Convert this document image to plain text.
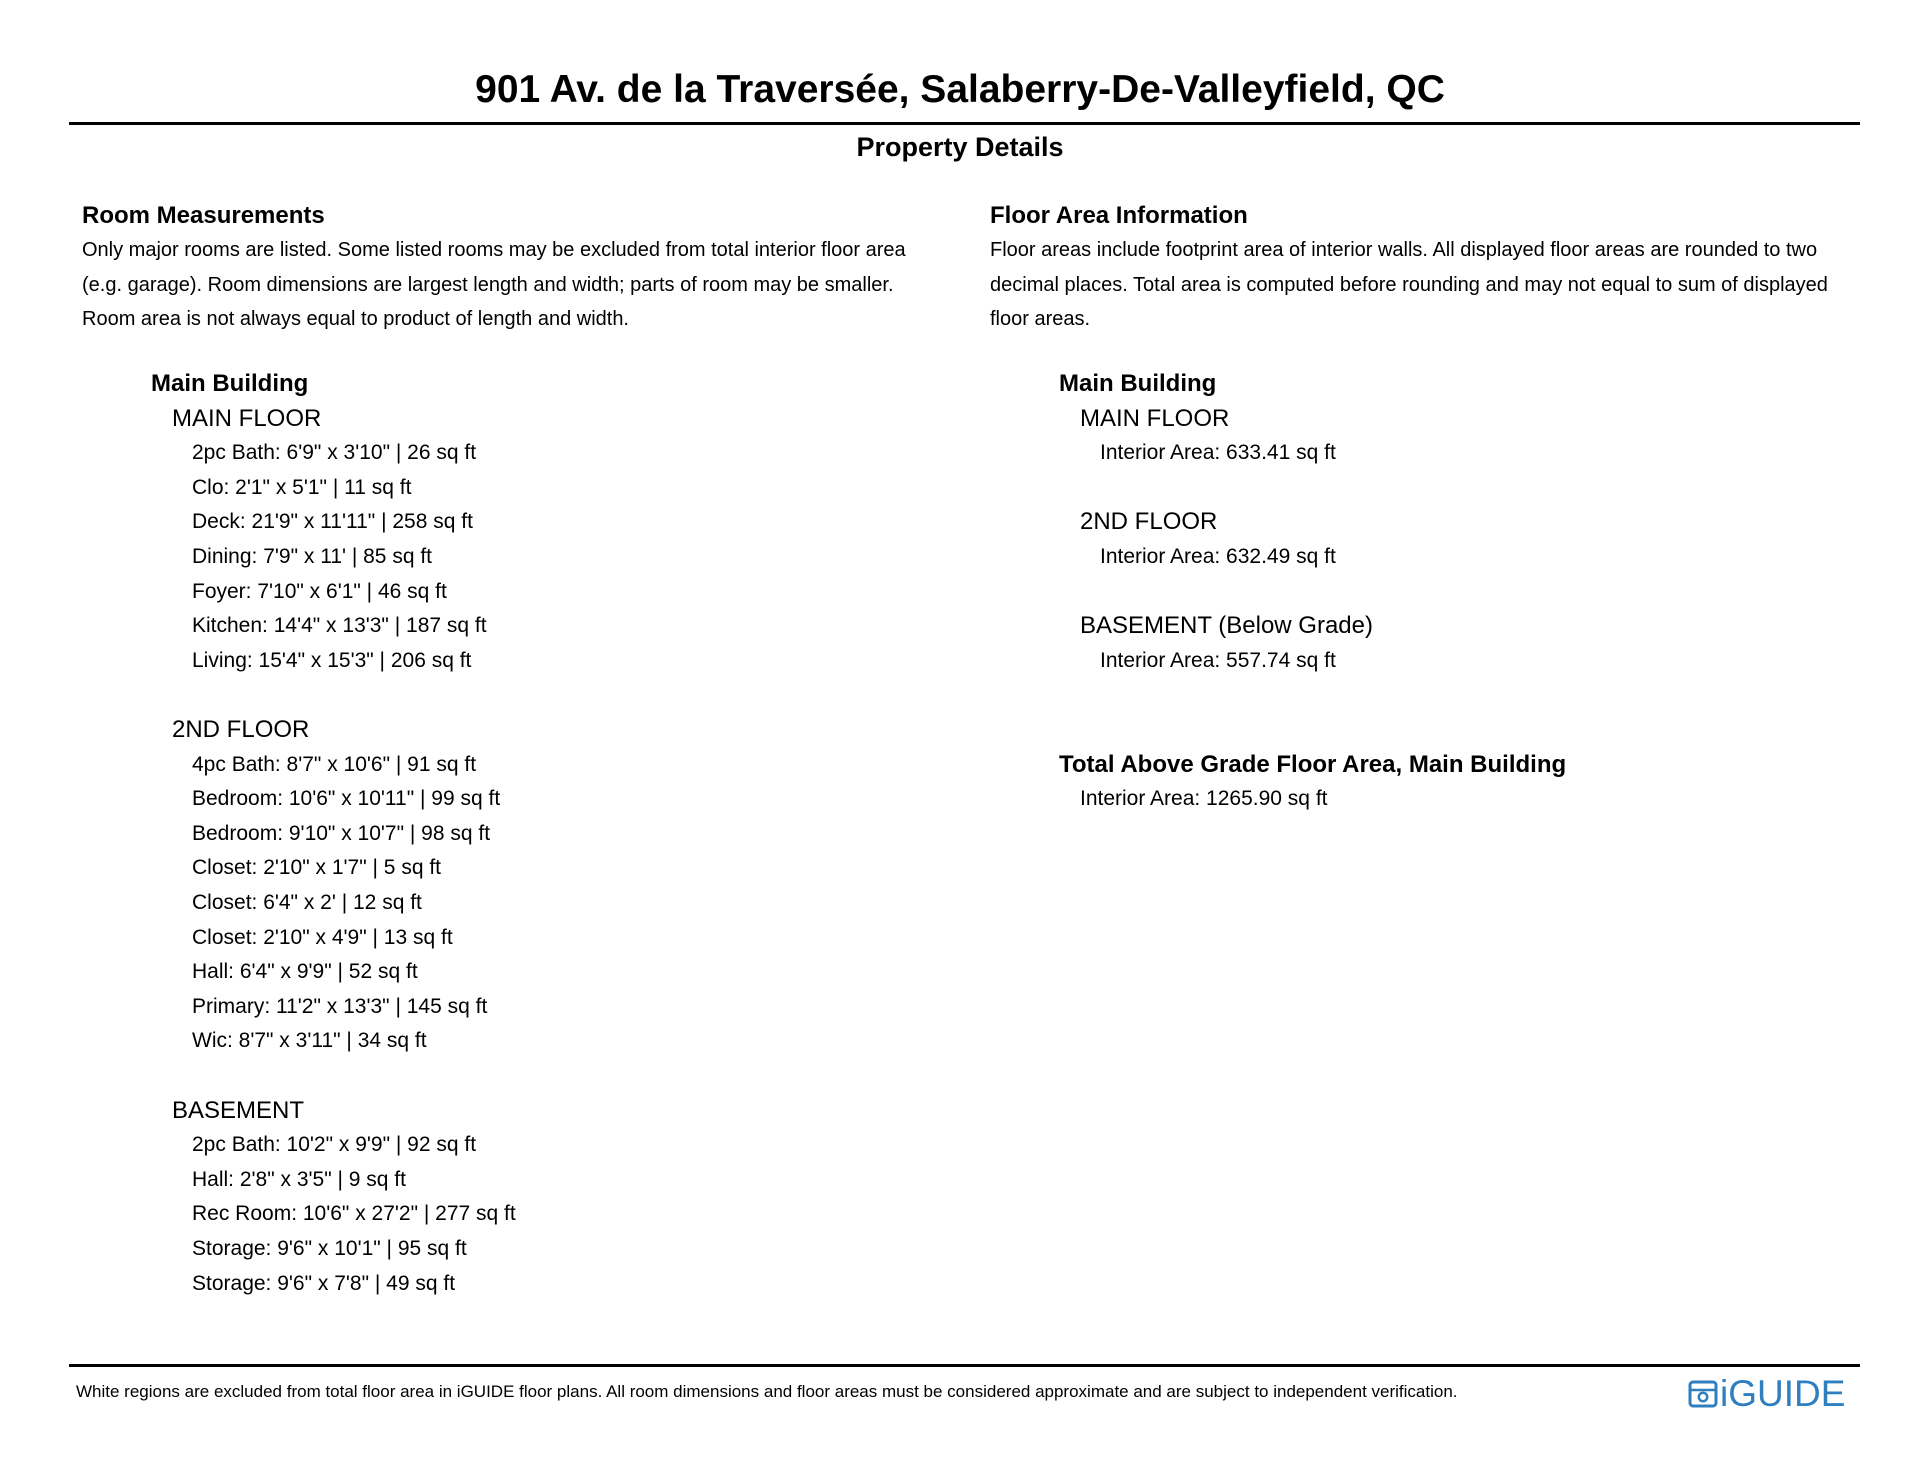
901 Av. de la Traversée, Salaberry-De-Valleyfield, QC
Property Details
Room Measurements
Only major rooms are listed. Some listed rooms may be excluded from total interior floor area
(e.g. garage). Room dimensions are largest length and width; parts of room may be smaller.
Room area is not always equal to product of length and width.
Main Building
MAIN FLOOR
2pc Bath: 6'9" x 3'10" | 26 sq ft
Clo: 2'1" x 5'1" | 11 sq ft
Deck: 21'9" x 11'11" | 258 sq ft
Dining: 7'9" x 11' | 85 sq ft
Foyer: 7'10" x 6'1" | 46 sq ft
Kitchen: 14'4" x 13'3" | 187 sq ft
Living: 15'4" x 15'3" | 206 sq ft
2ND FLOOR
4pc Bath: 8'7" x 10'6" | 91 sq ft
Bedroom: 10'6" x 10'11" | 99 sq ft
Bedroom: 9'10" x 10'7" | 98 sq ft
Closet: 2'10" x 1'7" | 5 sq ft
Closet: 6'4" x 2' | 12 sq ft
Closet: 2'10" x 4'9" | 13 sq ft
Hall: 6'4" x 9'9" | 52 sq ft
Primary: 11'2" x 13'3" | 145 sq ft
Wic: 8'7" x 3'11" | 34 sq ft
BASEMENT
2pc Bath: 10'2" x 9'9" | 92 sq ft
Hall: 2'8" x 3'5" | 9 sq ft
Rec Room: 10'6" x 27'2" | 277 sq ft
Storage: 9'6" x 10'1" | 95 sq ft
Storage: 9'6" x 7'8" | 49 sq ft
Floor Area Information
Floor areas include footprint area of interior walls. All displayed floor areas are rounded to two
decimal places. Total area is computed before rounding and may not equal to sum of displayed
floor areas.
Main Building
MAIN FLOOR
Interior Area: 633.41 sq ft
2ND FLOOR
Interior Area: 632.49 sq ft
BASEMENT (Below Grade)
Interior Area: 557.74 sq ft
Total Above Grade Floor Area, Main Building
Interior Area: 1265.90 sq ft
White regions are excluded from total floor area in iGUIDE floor plans. All room dimensions and floor areas must be considered approximate and are subject to independent verification.	iGUIDE
